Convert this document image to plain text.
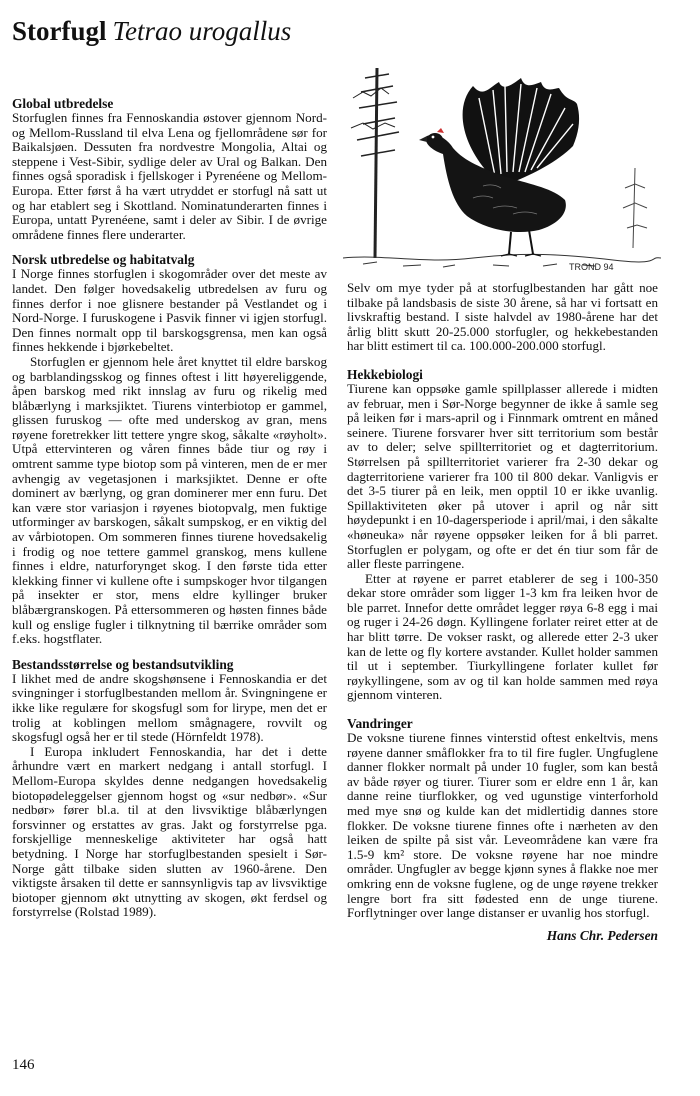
Storfugl Tetrao urogallus
TROND 94
Global utbredelse

Storfuglen finnes fra Fennoskandia østover gjennom Nord- og Mellom-Russland til elva Lena og fjellområdene sør for Baikalsjøen. Dessuten fra nordvestre Mongolia, Altai og steppene i Vest-Sibir, sydlige deler av Ural og Balkan. Den finnes også sporadisk i fjellskoger i Pyrenéene og Mellom-Europa. Etter først å ha vært utryddet er storfugl nå satt ut og har etablert seg i Skottland. Nominatunderarten finnes i Europa, untatt Pyrenéene, samt i deler av Sibir. I de øvrige områdene finnes flere underarter.

Norsk utbredelse og habitatvalg

I Norge finnes storfuglen i skogområder over det meste av landet. Den følger hovedsakelig utbredelsen av furu og finnes derfor i noe glisnere bestander på Vestlandet og i Nord-Norge. I furuskogene i Pasvik finner vi igjen storfugl. Den finnes normalt opp til barskogsgrensa, men kan også finnes hekkende i bjørkebeltet.

Storfuglen er gjennom hele året knyttet til eldre barskog og barblandingsskog og finnes oftest i litt høyereliggende, åpen barskog med rikt innslag av furu og rikelig med blåbærlyng i marksjiktet. Tiurens vinterbiotop er gammel, glissen furuskog — ofte med underskog av gran, mens røyene foretrekker litt tettere yngre skog, såkalte «røyholt». Utpå ettervinteren og våren finnes både tiur og røy i omtrent samme type biotop som på vinteren, men de er mer avhengig av vegetasjonen i marksjiktet. Denne er ofte dominert av bærlyng, og gran dominerer mer enn furu. Det kan være stor variasjon i røyenes biotopvalg, men fuktige utforminger av barskogen, såkalt sumpskog, er en viktig del av vårbiotopen. Om sommeren finnes tiurene hovedsakelig i frodig og noe tettere gammel granskog, mens kullene finnes i eldre, naturforynget skog. I den første tida etter klekking finner vi kullene ofte i sumpskoger hvor tilgangen på insekter er stor, mens eldre kyllinger bruker blåbærgranskogen. På ettersommeren og høsten finnes både kull og enslige fugler i tilknytning til bærrike områder som f.eks. hogstflater.

Bestandsstørrelse og bestandsutvikling

I likhet med de andre skogshønsene i Fennoskandia er det svingninger i storfuglbestanden mellom år. Svingningene er ikke like regulære for skogsfugl som for lirype, men det er trolig at koblingen mellom smågnagere, rovvilt og skogsfugl også her er til stede (Hörnfeldt 1978).

I Europa inkludert Fennoskandia, har det i dette århundre vært en markert nedgang i antall storfugl. I Mellom-Europa skyldes denne nedgangen hovedsakelig biotopødeleggelser gjennom hogst og «sur nedbør». «Sur nedbør» fører bl.a. til at den livsviktige blåbærlyngen forsvinner og erstattes av gras. Jakt og forstyrrelse pga. forskjellige menneskelige aktiviteter har også hatt betydning. I Norge har storfuglbestanden spesielt i Sør-Norge gått tilbake siden slutten av 1960-årene. Den viktigste årsaken til dette er sannsynligvis tap av livsviktige biotoper gjennom økt utnytting av skogen, økt ferdsel og forstyrrelse (Rolstad 1989).

Selv om mye tyder på at storfuglbestanden har gått noe tilbake på landsbasis de siste 30 årene, så har vi fortsatt en livskraftig bestand. I siste halvdel av 1980-årene har det årlig blitt skutt 20-25.000 storfugler, og hekkebestanden har blitt estimert til ca. 100.000-200.000 storfugl.

Hekkebiologi

Tiurene kan oppsøke gamle spillplasser allerede i midten av februar, men i Sør-Norge begynner de ikke å samle seg på leiken før i mars-april og i Finnmark omtrent en måned seinere. Tiurene forsvarer hver sitt territorium som består av to deler; selve spillterritoriet og et dagterritorium. Størrelsen på spillterritoriet varierer fra 2-30 dekar og dagterritoriene varierer fra 100 til 800 dekar. Vanligvis er det 3-5 tiurer på en leik, men opptil 10 er ikke uvanlig. Spillaktiviteten øker på utover i april og når sitt høydepunkt i en 10-dagersperiode i april/mai, i den såkalte «høneuka» når røyene oppsøker leiken for å bli parret. Storfuglen er polygam, og ofte er det én tiur som får de aller fleste parringene.

Etter at røyene er parret etablerer de seg i 100-350 dekar store områder som ligger 1-3 km fra leiken hvor de ble parret. Innefor dette området legger røya 6-8 egg i mai og ruger i 24-26 døgn. Kyllingene forlater reiret etter at de har blitt tørre. De vokser raskt, og allerede etter 2-3 uker kan de lette og fly kortere avstander. Kullet holder sammen til ut i september. Tiurkyllingene forlater kullet før røykyllingene, som av og til kan holde sammen med røya gjennom vinteren.

Vandringer

De voksne tiurene finnes vinterstid oftest enkeltvis, mens røyene danner småflokker fra to til fire fugler. Ungfuglene danner flokker normalt på under 10 fugler, som kan bestå av både røyer og tiurer. Tiurer som er eldre enn 1 år, kan danne reine tiurflokker, og ved ugunstige vinterforhold med mye snø og kulde kan det midlertidig dannes store flokker. De voksne tiurene finnes ofte i nærheten av den leiken de spilte på sist vår. Leveområdene kan være fra 1.5-9 km² store. De voksne røyene har noe mindre områder. Ungfugler av begge kjønn synes å flakke noe mer omkring enn de voksne fuglene, og de unge røyene trekker lengre bort fra sitt fødested enn de unge tiurene. Forflytninger over lange distanser er uvanlig hos storfugl.

Hans Chr. Pedersen
146
